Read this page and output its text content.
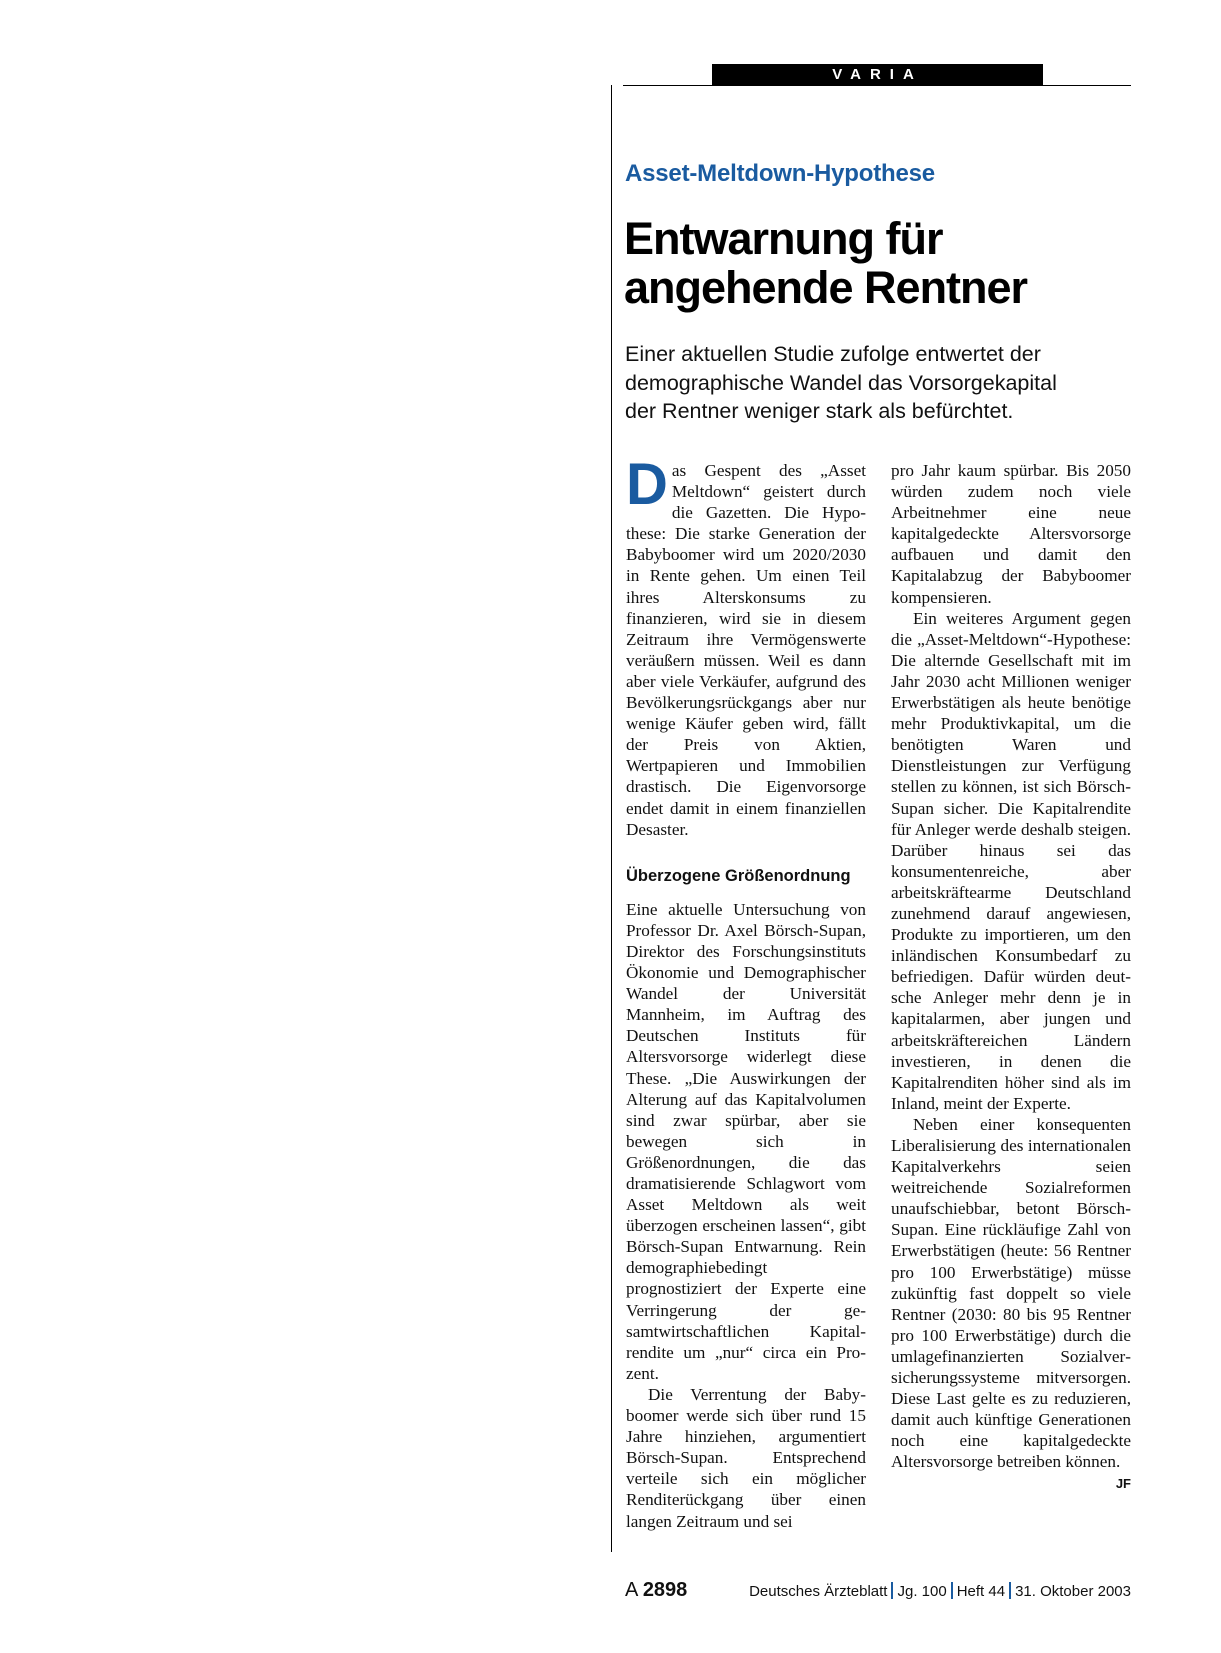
VARIA
Asset-Meltdown-Hypothese
Entwarnung für
angehende Rentner
Einer aktuellen Studie zufolge entwertet der
demographische Wandel das Vorsorgekapital
der Rentner weniger stark als befürchtet.

Das Gespent des „Asset Meltdown“ geistert durch die Gazetten. Die Hypothese: Die starke Generation der Babyboomer wird um 2020/2030 in Rente gehen. Um einen Teil ihres Alterskonsums zu finanzieren, wird sie in diesem Zeitraum ihre Vermögenswerte veräußern müssen. Weil es dann aber viele Verkäufer, aufgrund des Bevölkerungsrückgangs aber nur wenige Käufer geben wird, fällt der Preis von Aktien, Wertpapieren und Immobilien drastisch. Die Eigenvorsorge endet damit in einem finanziellen Desaster.

Überzogene Größenordnung

Eine aktuelle Untersuchung von Professor Dr. Axel Börsch-Supan, Direktor des Forschungsinstituts Ökonomie und Demographischer Wandel der Universität Mannheim, im Auftrag des Deutschen Instituts für Altersvorsorge widerlegt diese These. „Die Auswirkungen der Alterung auf das Kapitalvolumen sind zwar spürbar, aber sie bewegen sich in Größenordnungen, die das dramatisierende Schlagwort vom Asset Meltdown als weit überzogen erscheinen lassen“, gibt Börsch-Supan Entwarnung. Rein demographiebedingt prognostiziert der Experte eine Verringerung der gesamtwirtschaftlichen Kapitalrendite um „nur“ circa ein Prozent.

Die Verrentung der Babyboomer werde sich über rund 15 Jahre hinziehen, argumentiert Börsch-Supan. Entsprechend verteile sich ein möglicher Renditerückgang über einen langen Zeitraum und sei

pro Jahr kaum spürbar. Bis 2050 würden zudem noch viele Arbeitnehmer eine neue kapitalgedeckte Altersvorsorge aufbauen und damit den Kapitalabzug der Babyboomer kompensieren.

Ein weiteres Argument gegen die „Asset-Meltdown“-Hypothese: Die alternde Gesellschaft mit im Jahr 2030 acht Millionen weniger Erwerbstätigen als heute benötige mehr Produktivkapital, um die benötigten Waren und Dienstleistungen zur Verfügung stellen zu können, ist sich Börsch-Supan sicher. Die Kapitalrendite für Anleger werde deshalb steigen. Darüber hinaus sei das konsumentenreiche, aber arbeitskräftearme Deutschland zunehmend darauf angewiesen, Produkte zu importieren, um den inländischen Konsumbedarf zu befriedigen. Dafür würden deutsche Anleger mehr denn je in kapitalarmen, aber jungen und arbeitskräftereichen Ländern investieren, in denen die Kapitalrenditen höher sind als im Inland, meint der Experte.

Neben einer konsequenten Liberalisierung des internationalen Kapitalverkehrs seien weitreichende Sozialreformen unaufschiebbar, betont Börsch-Supan. Eine rückläufige Zahl von Erwerbstätigen (heute: 56 Rentner pro 100 Erwerbstätige) müsse zukünftig fast doppelt so viele Rentner (2030: 80 bis 95 Rentner pro 100 Erwerbstätige) durch die umlagefinanzierten Sozialversicherungssysteme mitversorgen. Diese Last gelte es zu reduzieren, damit auch künftige Generationen noch eine kapitalgedeckte Altersvorsorge betreiben können.
JF

A 2898	Deutsches Ärzteblatt Jg. 100 Heft 44 31. Oktober 2003
